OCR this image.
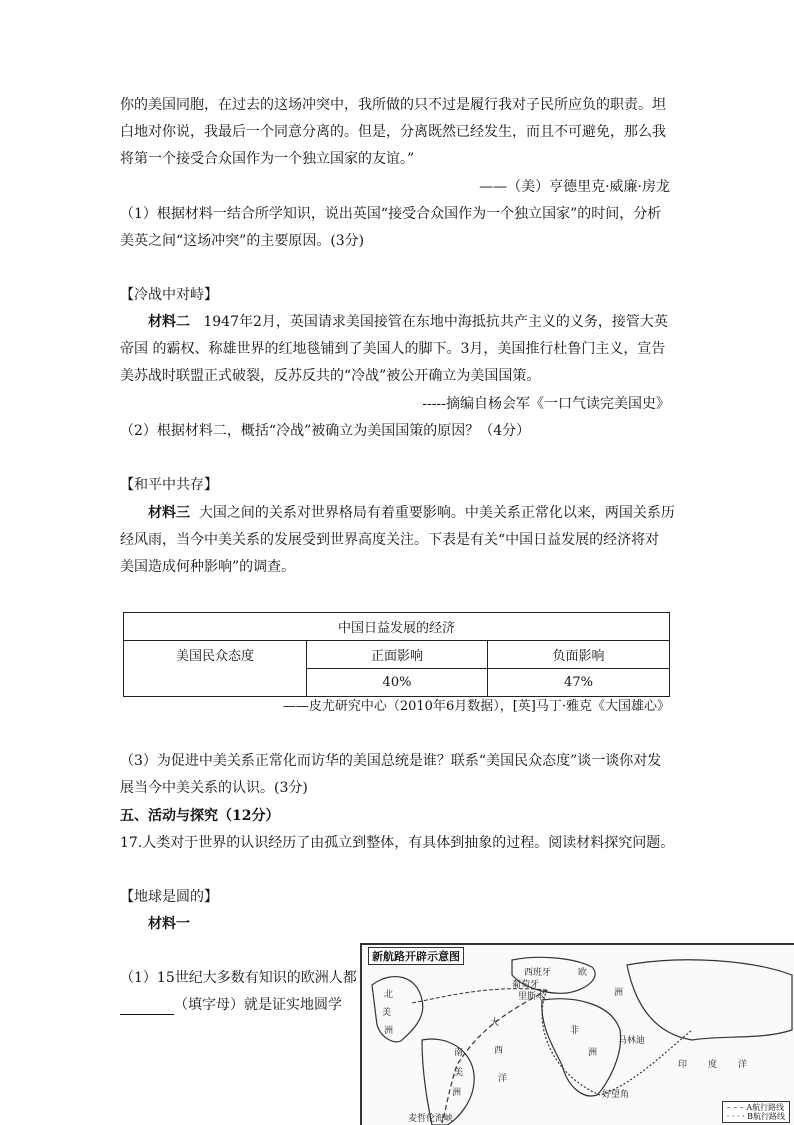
你的美国同胞，在过去的这场冲突中，我所做的只不过是履行我对子民所应负的职责。坦
白地对你说，我最后一个同意分离的。但是，分离既然已经发生，而且不可避免，那么我
将第一个接受合众国作为一个独立国家的友谊。”
——（美）亨德里克·威廉·房龙
（1）根据材料一结合所学知识，说出英国“接受合众国作为一个独立国家”的时间，分析
美英之间“这场冲突”的主要原因。(3分)
【冷战中对峙】
材料二 1947年2月，英国请求美国接管在东地中海抵抗共产主义的义务，接管大英
帝国 的霸权、称雄世界的红地毯铺到了美国人的脚下。3月，美国推行杜鲁门主义，宣告
美苏战时联盟正式破裂，反苏反共的“冷战”被公开确立为美国国策。
-----摘编自杨会军《一口气读完美国史》
（2）根据材料二，概括“冷战”被确立为美国国策的原因？（4分）
【和平中共存】
材料三 大国之间的关系对世界格局有着重要影响。中美关系正常化以来，两国关系历
经风雨，当今中美关系的发展受到世界高度关注。下表是有关“中国日益发展的经济将对
美国造成何种影响”的调查。
中国日益发展的经济		
美国民众态度	正面影响	负面影响
	40%	47%
——皮尤研究中心（2010年6月数据），[英]马丁·雅克《大国雄心》
（3）为促进中美关系正常化而访华的美国总统是谁？联系“美国民众态度”谈一谈你对发
展当今中美关系的认识。(3分)
五、活动与探究（12分）
17.人类对于世界的认识经历了由孤立到整体，有具体到抽象的过程。阅读材料探究问题。
【地球是圆的】
材料一
（1）15世纪大多数有知识的欧洲人都
（填字母）就是证实地圆学
新航路开辟示意图
北
美
洲
欧
洲
西班牙
葡萄牙
里斯本
大
西
洋
非
洲
南
美
洲
马林迪
印 度 洋
好望角
麦哲伦海峡
– – – A航行路线
· · · · B航行路线
